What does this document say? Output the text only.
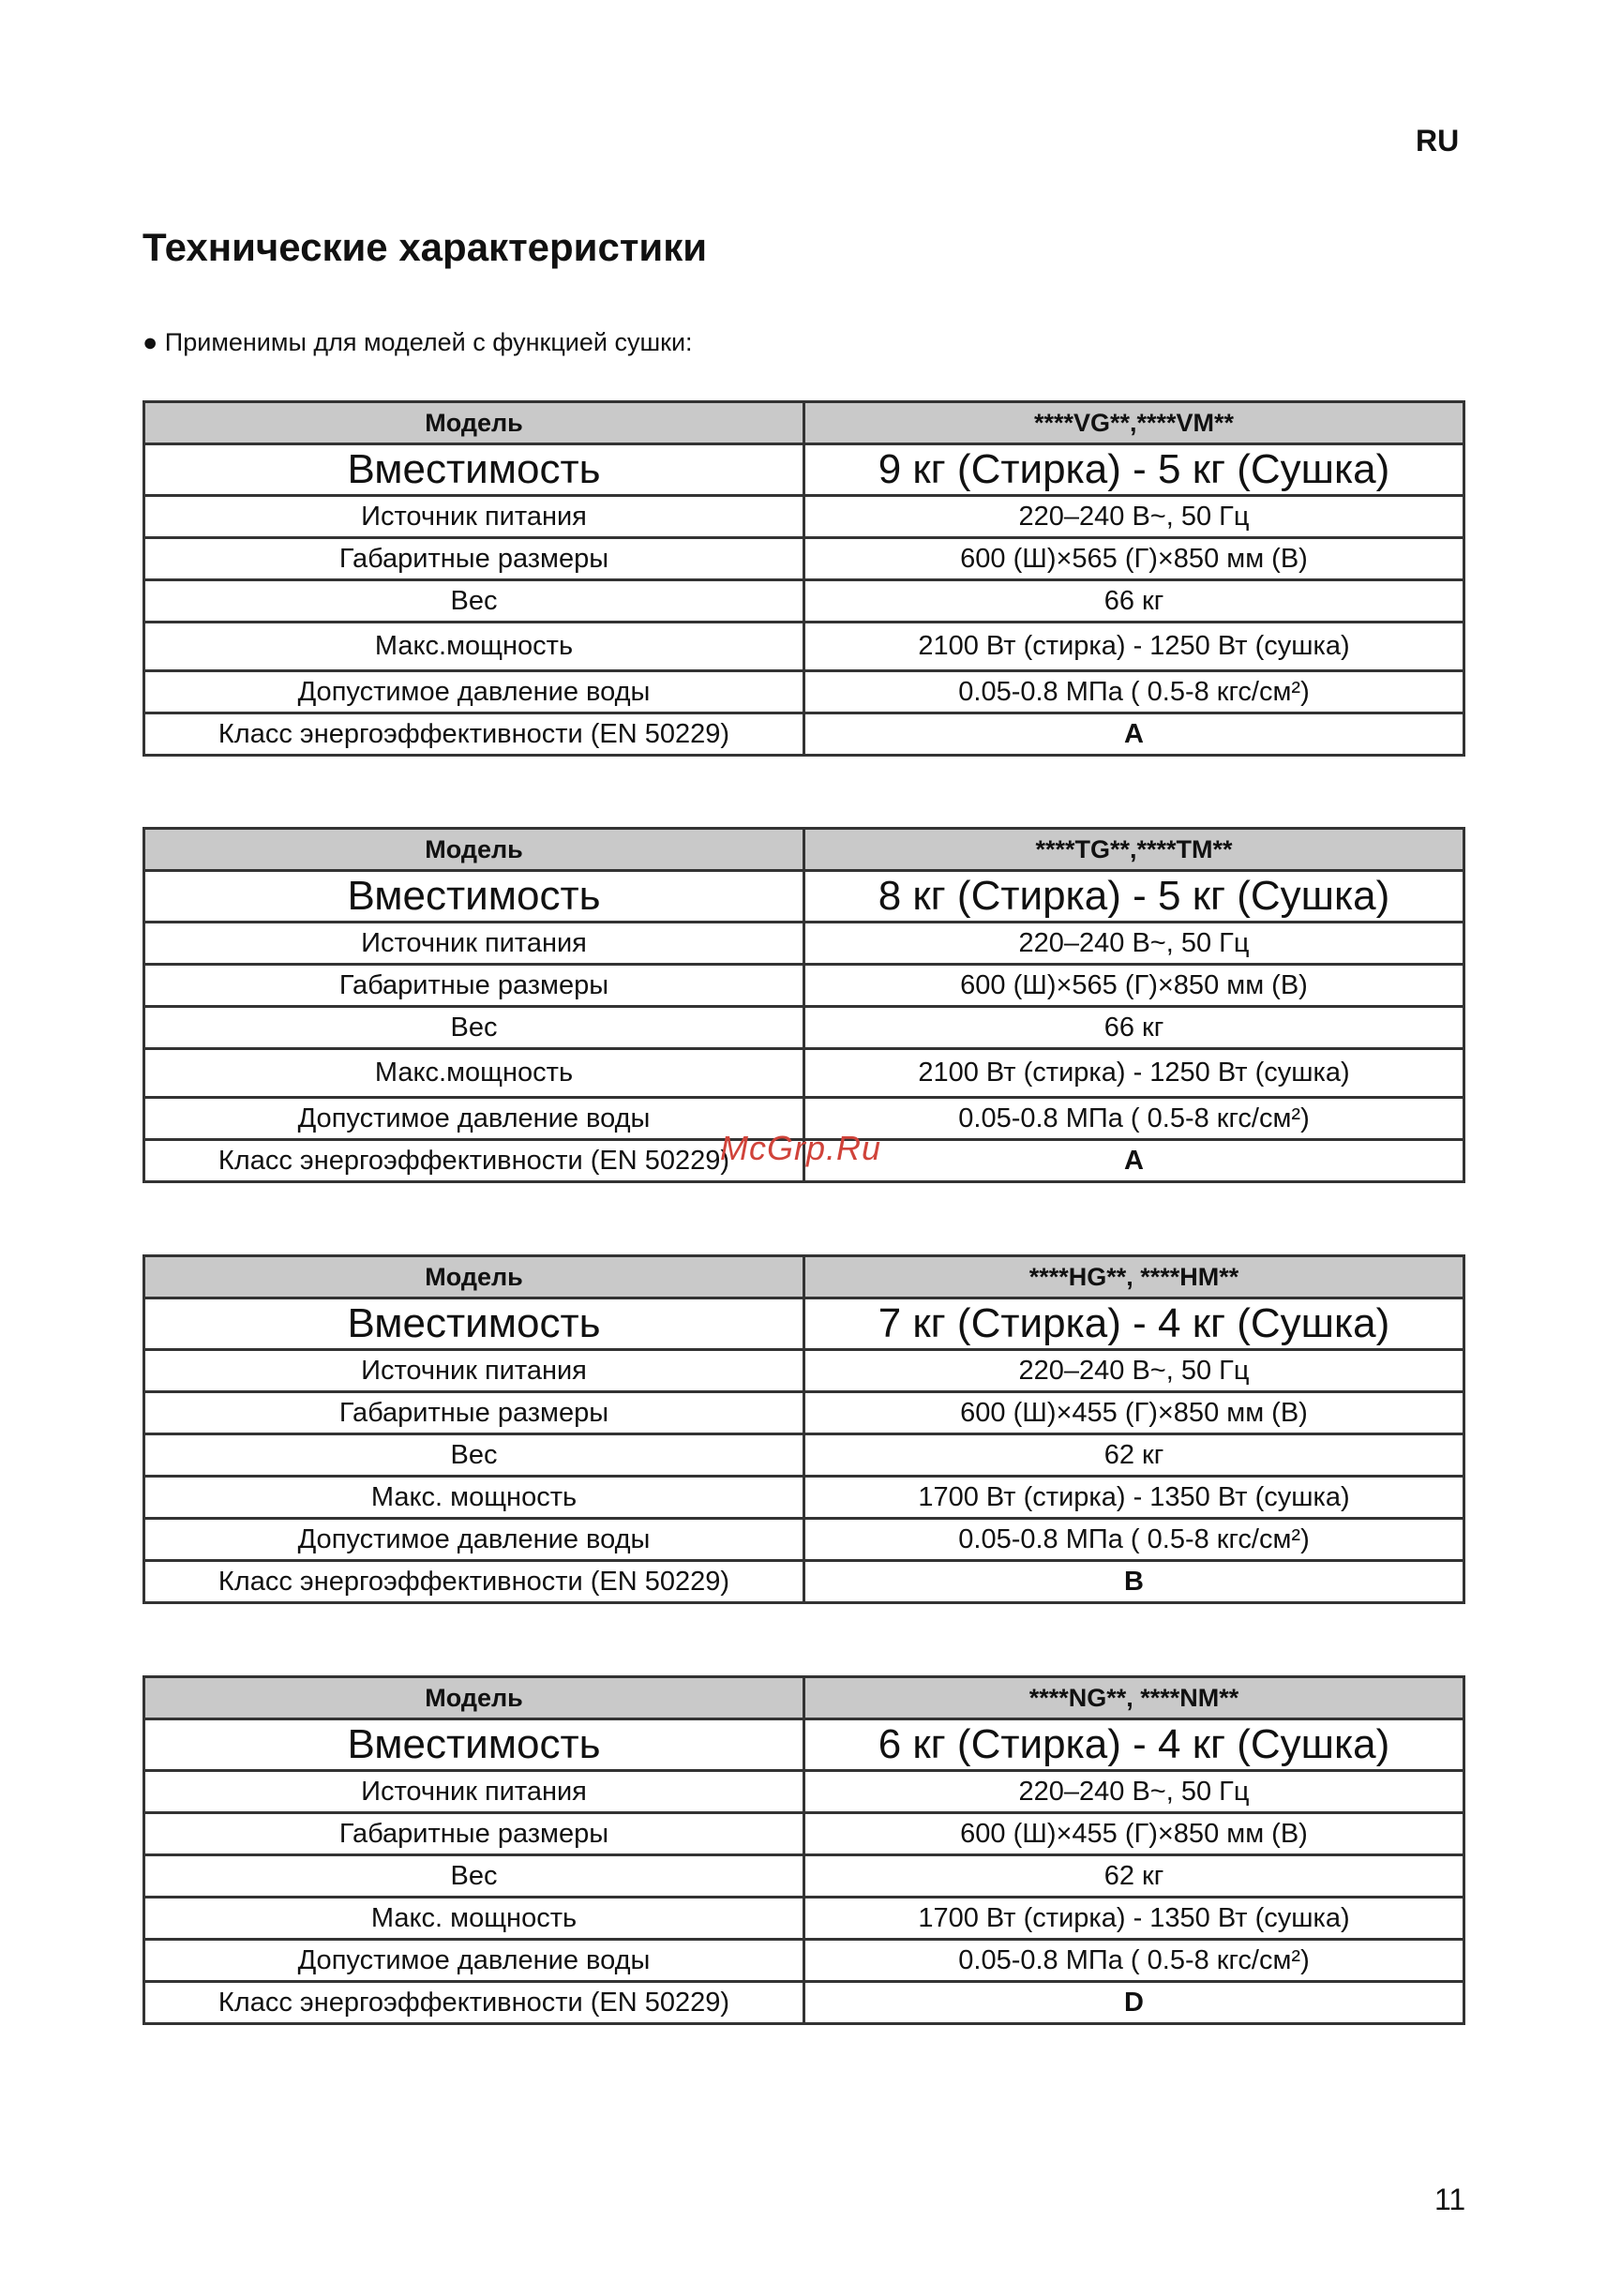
RU
Технические характеристики
● Применимы для моделей с функцией сушки:
Модель	****VG**,****VM**
Вместимость	9 кг (Стирка) - 5 кг (Сушка)
Источник питания	220–240 В~, 50 Гц
Габаритные размеры	600 (Ш)×565 (Г)×850 мм (В)
Вес	66 кг
Макс.мощность	2100 Вт (стирка) - 1250 Вт (сушка)
Допустимое давление воды	0.05-0.8 МПа ( 0.5-8 кгс/см²)
Класс энергоэффективности (EN 50229)	A
Модель	****TG**,****TM**
Вместимость	8 кг (Стирка) - 5 кг (Сушка)
Источник питания	220–240 В~, 50 Гц
Габаритные размеры	600 (Ш)×565 (Г)×850 мм (В)
Вес	66 кг
Макс.мощность	2100 Вт (стирка) - 1250 Вт (сушка)
Допустимое давление воды	0.05-0.8 МПа ( 0.5-8 кгс/см²)
Класс энергоэффективности (EN 50229)	A
Модель	****HG**, ****HM**
Вместимость	7 кг (Стирка) - 4 кг (Сушка)
Источник питания	220–240 В~, 50 Гц
Габаритные размеры	600 (Ш)×455 (Г)×850 мм (В)
Вес	62 кг
Макс. мощность	1700 Вт (стирка) - 1350 Вт (сушка)
Допустимое давление воды	0.05-0.8 МПа ( 0.5-8 кгс/см²)
Класс энергоэффективности (EN 50229)	B
Модель	****NG**, ****NM**
Вместимость	6 кг (Стирка) - 4 кг (Сушка)
Источник питания	220–240 В~, 50 Гц
Габаритные размеры	600 (Ш)×455 (Г)×850 мм (В)
Вес	62 кг
Макс. мощность	1700 Вт (стирка) - 1350 Вт (сушка)
Допустимое давление воды	0.05-0.8 МПа ( 0.5-8 кгс/см²)
Класс энергоэффективности (EN 50229)	D
McGrp.Ru
11
